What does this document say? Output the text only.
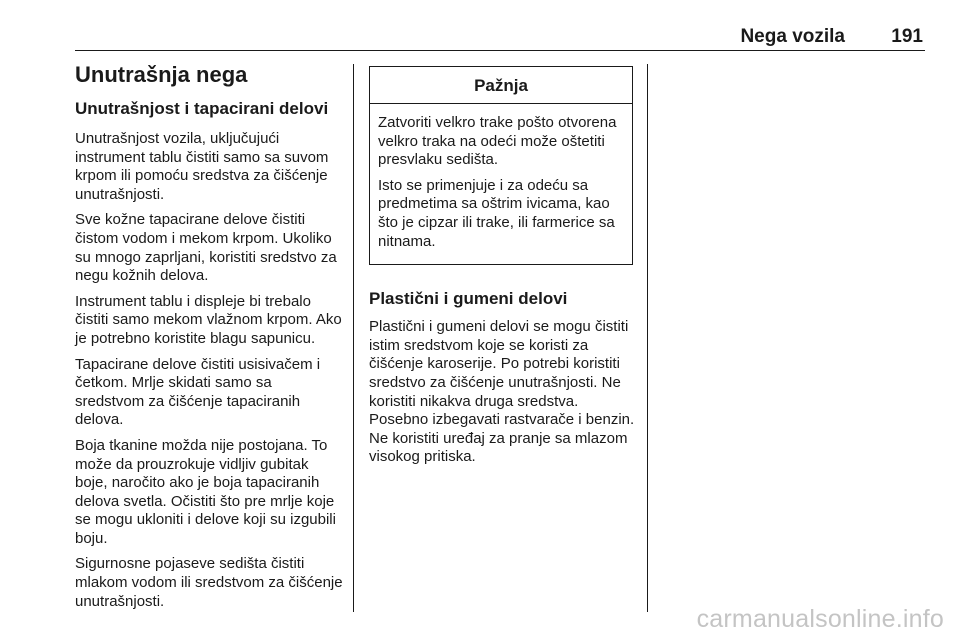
Nega vozila 191
Unutrašnja nega
Unutrašnjost i tapacirani delovi

Unutrašnjost vozila, uključujući instrument tablu čistiti samo sa suvom krpom ili pomoću sredstva za čišćenje unutrašnjosti.

Sve kožne tapacirane delove čistiti čistom vodom i mekom krpom. Ukoliko su mnogo zaprljani, koristiti sredstvo za negu kožnih delova.

Instrument tablu i displeje bi trebalo čistiti samo mekom vlažnom krpom. Ako je potrebno koristite blagu sapunicu.

Tapacirane delove čistiti usisivačem i četkom. Mrlje skidati samo sa sredstvom za čišćenje tapaciranih delova.

Boja tkanine možda nije postojana. To može da prouzrokuje vidljiv gubitak boje, naročito ako je boja tapaciranih delova svetla. Očistiti što pre mrlje koje se mogu ukloniti i delove koji su izgubili boju.

Sigurnosne pojaseve sedišta čistiti mlakom vodom ili sredstvom za čišćenje unutrašnjosti.

Pažnja

Zatvoriti velkro trake pošto otvorena velkro traka na odeći može oštetiti presvlaku sedišta.

Isto se primenjuje i za odeću sa predmetima sa oštrim ivicama, kao što je cipzar ili trake, ili farmerice sa nitnama.

Plastični i gumeni delovi

Plastični i gumeni delovi se mogu čistiti istim sredstvom koje se koristi za čišćenje karoserije. Po potrebi koristiti sredstvo za čišćenje unutrašnjosti. Ne koristiti nikakva druga sredstva. Posebno izbegavati rastvarače i benzin. Ne koristiti uređaj za pranje sa mlazom visokog pritiska.

carmanualsonline.info
